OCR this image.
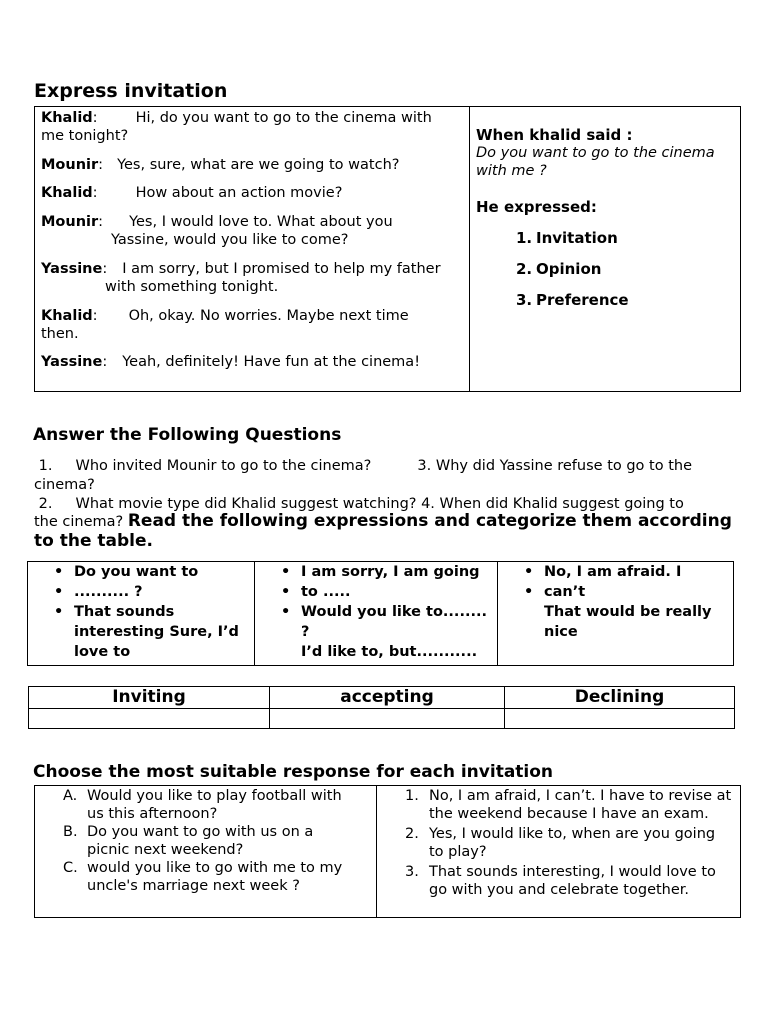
Express invitation

Khalid:	Hi, do you want to go to the cinema with
me tonight?

Mounir: Yes, sure, what are we going to watch?

Khalid:	How about an action movie?

Mounir: Yes, I would love to. What about you
Yassine, would you like to come?

Yassine: I am sorry, but I promised to help my father
with something tonight.

Khalid: Oh, okay. No worries. Maybe next time
then.

Yassine: Yeah, definitely! Have fun at the cinema!

When khalid said :
Do you want to go to the cinema with me ?
He expressed:
1. Invitation
2. Opinion
3. Preference
Answer the Following Questions
1.     Who invited Mounir to go to the cinema?          3. Why did Yassine refuse to go to the
cinema?
2.     What movie type did Khalid suggest watching? 4. When did Khalid suggest going to
the cinema? Read the following expressions and categorize them according to the table.
• Do you want to
• .......... ?
• That sounds interesting Sure, I’d love to

• I am sorry, I am going
• to .....
• Would you like to........ ?
I’d like to, but...........

• No, I am afraid. I
• can’t
That would be really nice
Inviting	accepting	Declining

Choose the most suitable response for each invitation
A. Would you like to play football with us this afternoon?
B. Do you want to go with us on a picnic next weekend?
C. would you like to go with me to my uncle's marriage next week ?

1. No, I am afraid, I can’t. I have to revise at the weekend because I have an exam.
2. Yes, I would like to, when are you going to play?
3. That sounds interesting, I would love to go with you and celebrate together.
